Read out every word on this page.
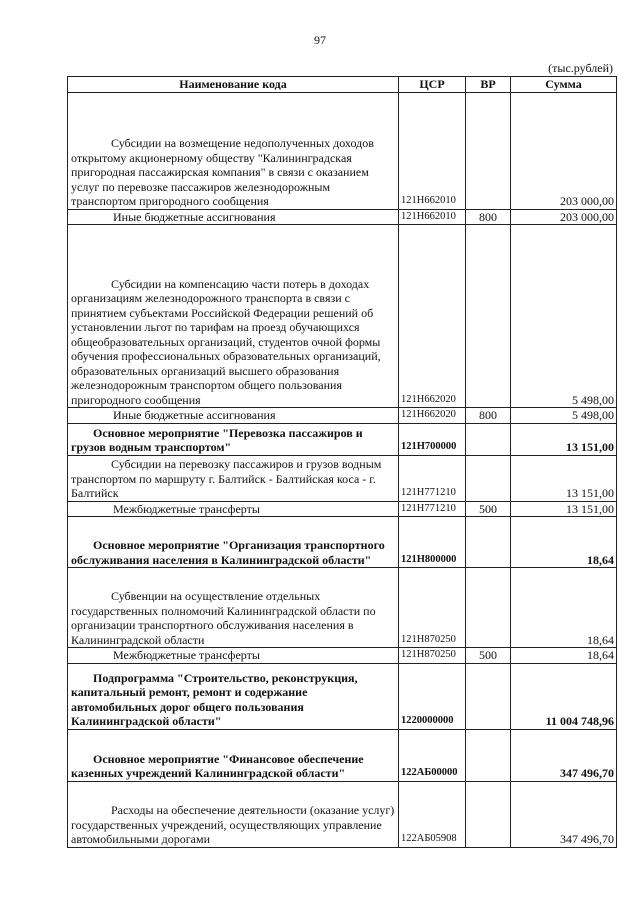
97
(тыс.рублей)
Наименование кода	ЦСР	ВР	Сумма
Субсидии на возмещение недополученных доходов открытому акционерному обществу "Калининградская пригородная пассажирская компания" в связи с оказанием услуг по перевозке пассажиров железнодорожным транспортом пригородного сообщения	121Н662010		203 000,00
Иные бюджетные ассигнования	121Н662010	800	203 000,00
Субсидии на компенсацию части потерь в доходах организациям железнодорожного транспорта в связи с принятием субъектами Российской Федерации решений об установлении льгот по тарифам на проезд обучающихся общеобразовательных организаций, студентов очной формы обучения профессиональных образовательных организаций, образовательных организаций высшего образования железнодорожным транспортом общего пользования пригородного сообщения	121Н662020		5 498,00
Иные бюджетные ассигнования	121Н662020	800	5 498,00
Основное мероприятие "Перевозка пассажиров и грузов водным транспортом"	121Н700000		13 151,00
Субсидии на перевозку пассажиров и грузов водным транспортом по маршруту г. Балтийск - Балтийская коса - г. Балтийск	121Н771210		13 151,00
Межбюджетные трансферты	121Н771210	500	13 151,00
Основное мероприятие "Организация транспортного обслуживания населения в Калининградской области"	121Н800000		18,64
Субвенции на осуществление отдельных государственных полномочий Калининградской области по организации транспортного обслуживания населения в Калининградской области	121Н870250		18,64
Межбюджетные трансферты	121Н870250	500	18,64
Подпрограмма "Строительство, реконструкция, капитальный ремонт, ремонт и содержание автомобильных дорог общего пользования Калининградской области"	1220000000		11 004 748,96
Основное мероприятие "Финансовое обеспечение казенных учреждений Калининградской области"	122АБ00000		347 496,70
Расходы на обеспечение деятельности (оказание услуг) государственных учреждений, осуществляющих управление автомобильными дорогами	122АБ05908		347 496,70
